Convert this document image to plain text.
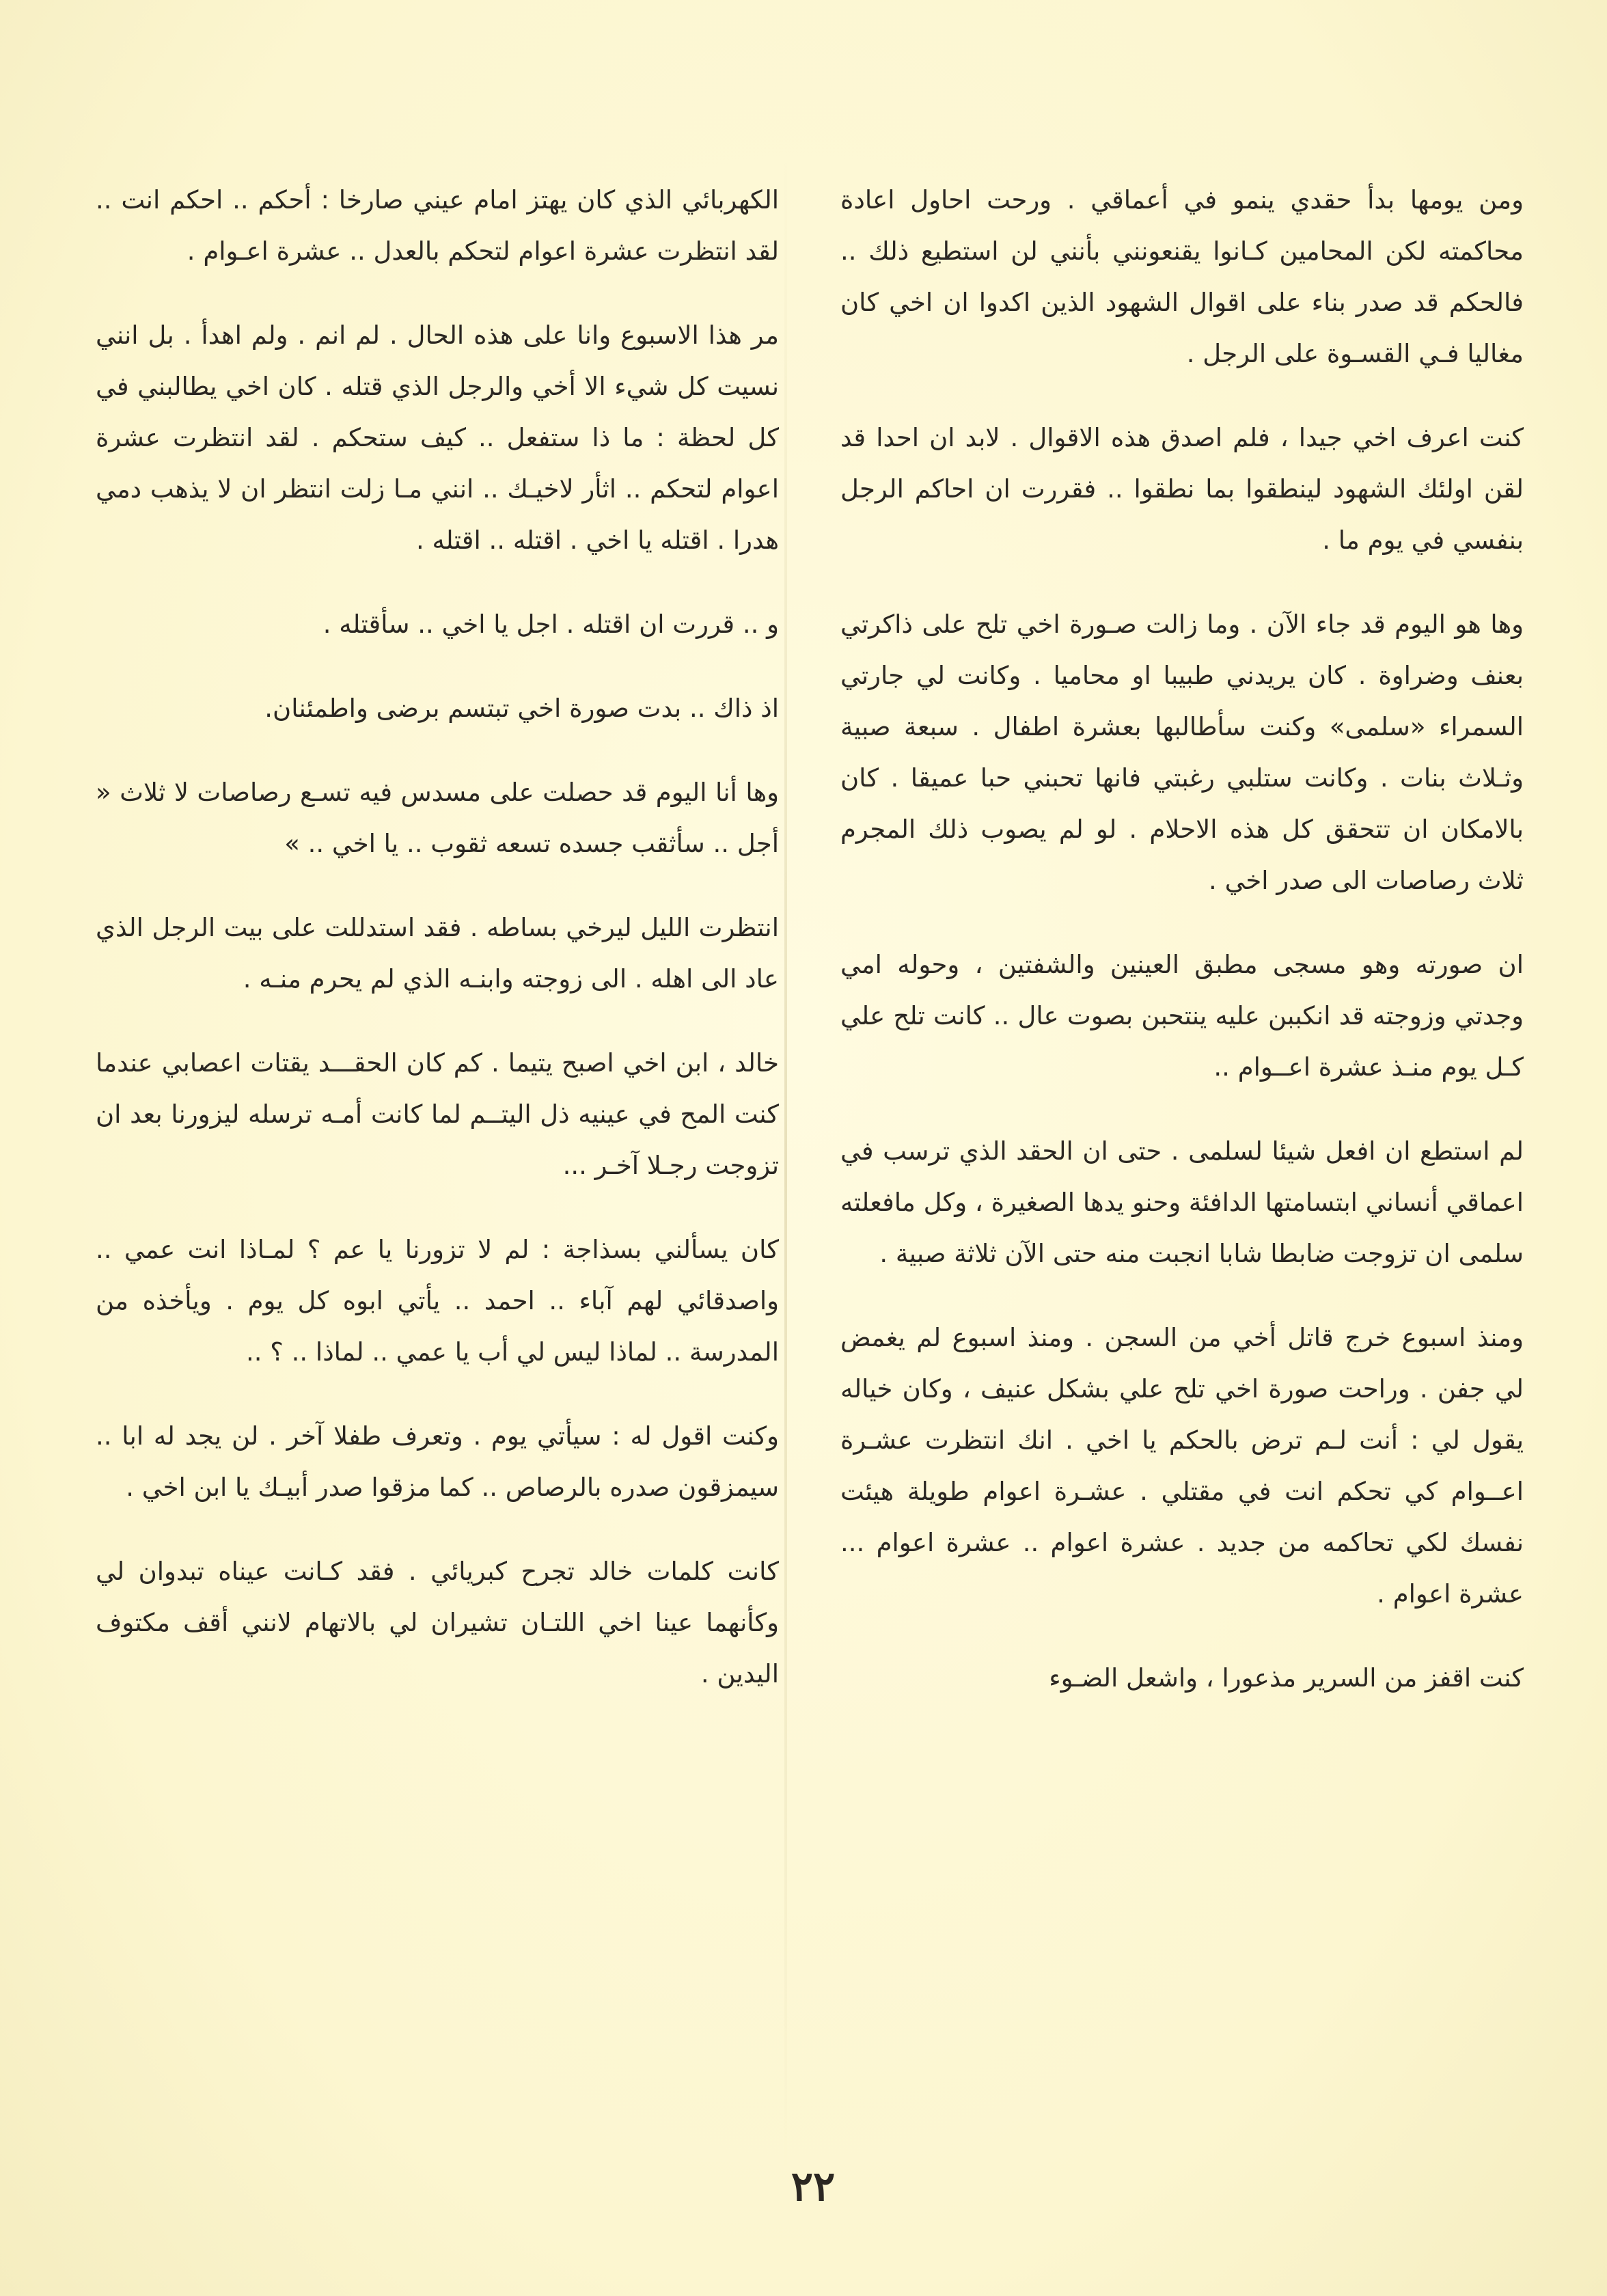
ومن يومها بدأ حقدي ينمو في أعماقي . ورحت احاول اعادة محاكمته لكن المحامين كـانوا يقنعونني بأنني لن استطيع ذلك .. فالحكم قد صدر بناء على اقوال الشهود الذين اكدوا ان اخي كان مغاليا فـي القسـوة على الرجل .

كنت اعرف اخي جيدا ، فلم اصدق هذه الاقوال . لابد ان احدا قد لقن اولئك الشهود لينطقوا بما نطقوا .. فقررت ان احاكم الرجل بنفسي في يوم ما .

وها هو اليوم قد جاء الآن . وما زالت صـورة اخي تلح على ذاكرتي بعنف وضراوة . كان يريدني طبيبا او محاميا . وكانت لي جارتي السمراء «سلمى» وكنت سأطالبها بعشرة اطفال . سبعة صبية وثـلاث بنات . وكانت ستلبي رغبتي فانها تحبني حبا عميقا . كان بالامكان ان تتحقق كل هذه الاحلام . لو لم يصوب ذلك المجرم ثلاث رصاصات الى صدر اخي .

ان صورته وهو مسجى مطبق العينين والشفتين ، وحوله امي وجدتي وزوجته قد انكببن عليه ينتحبن بصوت عال .. كانت تلح علي كـل يوم منـذ عشرة اعــوام ..

لم استطع ان افعل شيئا لسلمى . حتى ان الحقد الذي ترسب في اعماقي أنساني ابتسامتها الدافئة وحنو يدها الصغيرة ، وكل مافعلته سلمى ان تزوجت ضابطا شابا انجبت منه حتى الآن ثلاثة صبية .

ومنذ اسبوع خرج قاتل أخي من السجن . ومنذ اسبوع لم يغمض لي جفن . وراحت صورة اخي تلح علي بشكل عنيف ، وكان خياله يقول لي : أنت لـم ترض بالحكم يا اخي . انك انتظرت عشـرة اعــوام كي تحكم انت في مقتلي . عشـرة اعوام طويلة هيئت نفسك لكي تحاكمه من جديد . عشرة اعوام .. عشرة اعوام ... عشرة اعوام .

كنت اقفز من السرير مذعورا ، واشعل الضـوء

الكهربائي الذي كان يهتز امام عيني صارخا : أحكم .. احكم انت .. لقد انتظرت عشرة اعوام لتحكم بالعدل .. عشرة اعـوام .

مر هذا الاسبوع وانا على هذه الحال . لم انم . ولم اهدأ . بل انني نسيت كل شيء الا أخي والرجل الذي قتله . كان اخي يطالبني في كل لحظة : ما ذا ستفعل .. كيف ستحكم . لقد انتظرت عشرة اعوام لتحكم .. اثأر لاخيـك .. انني مـا زلت انتظر ان لا يذهب دمي هدرا . اقتله يا اخي . اقتله .. اقتله .

و .. قررت ان اقتله . اجل يا اخي .. سأقتله .

اذ ذاك .. بدت صورة اخي تبتسم برضى واطمئنان.

وها أنا اليوم قد حصلت على مسدس فيه تسـع رصاصات لا ثلاث « أجل .. سأثقب جسده تسعه ثقوب .. يا اخي .. »

انتظرت الليل ليرخي بساطه . فقد استدللت على بيت الرجل الذي عاد الى اهله . الى زوجته وابنـه الذي لم يحرم منـه .

خالد ، ابن اخي اصبح يتيما . كم كان الحقـــد يقتات اعصابي عندما كنت المح في عينيه ذل اليتــم لما كانت أمـه ترسله ليزورنا بعد ان تزوجت رجـلا آخـر ...

كان يسألني بسذاجة : لم لا تزورنا يا عم ؟ لمـاذا انت عمي .. واصدقائي لهم آباء .. احمد .. يأتي ابوه كل يوم . ويأخذه من المدرسة .. لماذا ليس لي أب يا عمي .. لماذا .. ؟ ..

وكنت اقول له : سيأتي يوم . وتعرف طفلا آخر . لن يجد له ابا .. سيمزقون صدره بالرصاص .. كما مزقوا صدر أبيـك يا ابن اخي .

كانت كلمات خالد تجرح كبريائي . فقد كـانت عيناه تبدوان لي وكأنهما عينا اخي اللتـان تشيران لي بالاتهام لانني أقف مكتوف اليدين .

٢٢
